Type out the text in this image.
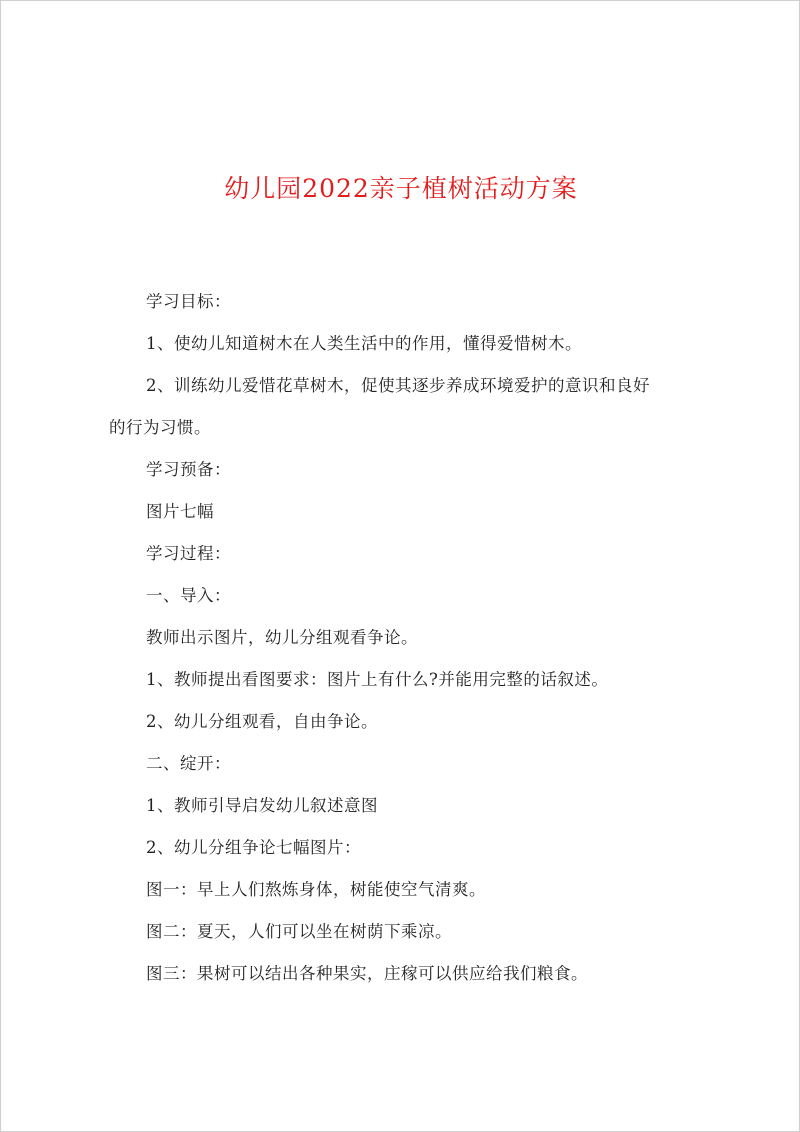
幼儿园2022亲子植树活动方案

学习目标：

1、使幼儿知道树木在人类生活中的作用，懂得爱惜树木。

2、训练幼儿爱惜花草树木，促使其逐步养成环境爱护的意识和良好

的行为习惯。

学习预备：

图片七幅

学习过程：

一、导入：

教师出示图片，幼儿分组观看争论。

1、教师提出看图要求：图片上有什么?并能用完整的话叙述。

2、幼儿分组观看，自由争论。

二、绽开：

1、教师引导启发幼儿叙述意图

2、幼儿分组争论七幅图片：

图一：早上人们熬炼身体，树能使空气清爽。

图二：夏天，人们可以坐在树荫下乘凉。

图三：果树可以结出各种果实，庄稼可以供应给我们粮食。
